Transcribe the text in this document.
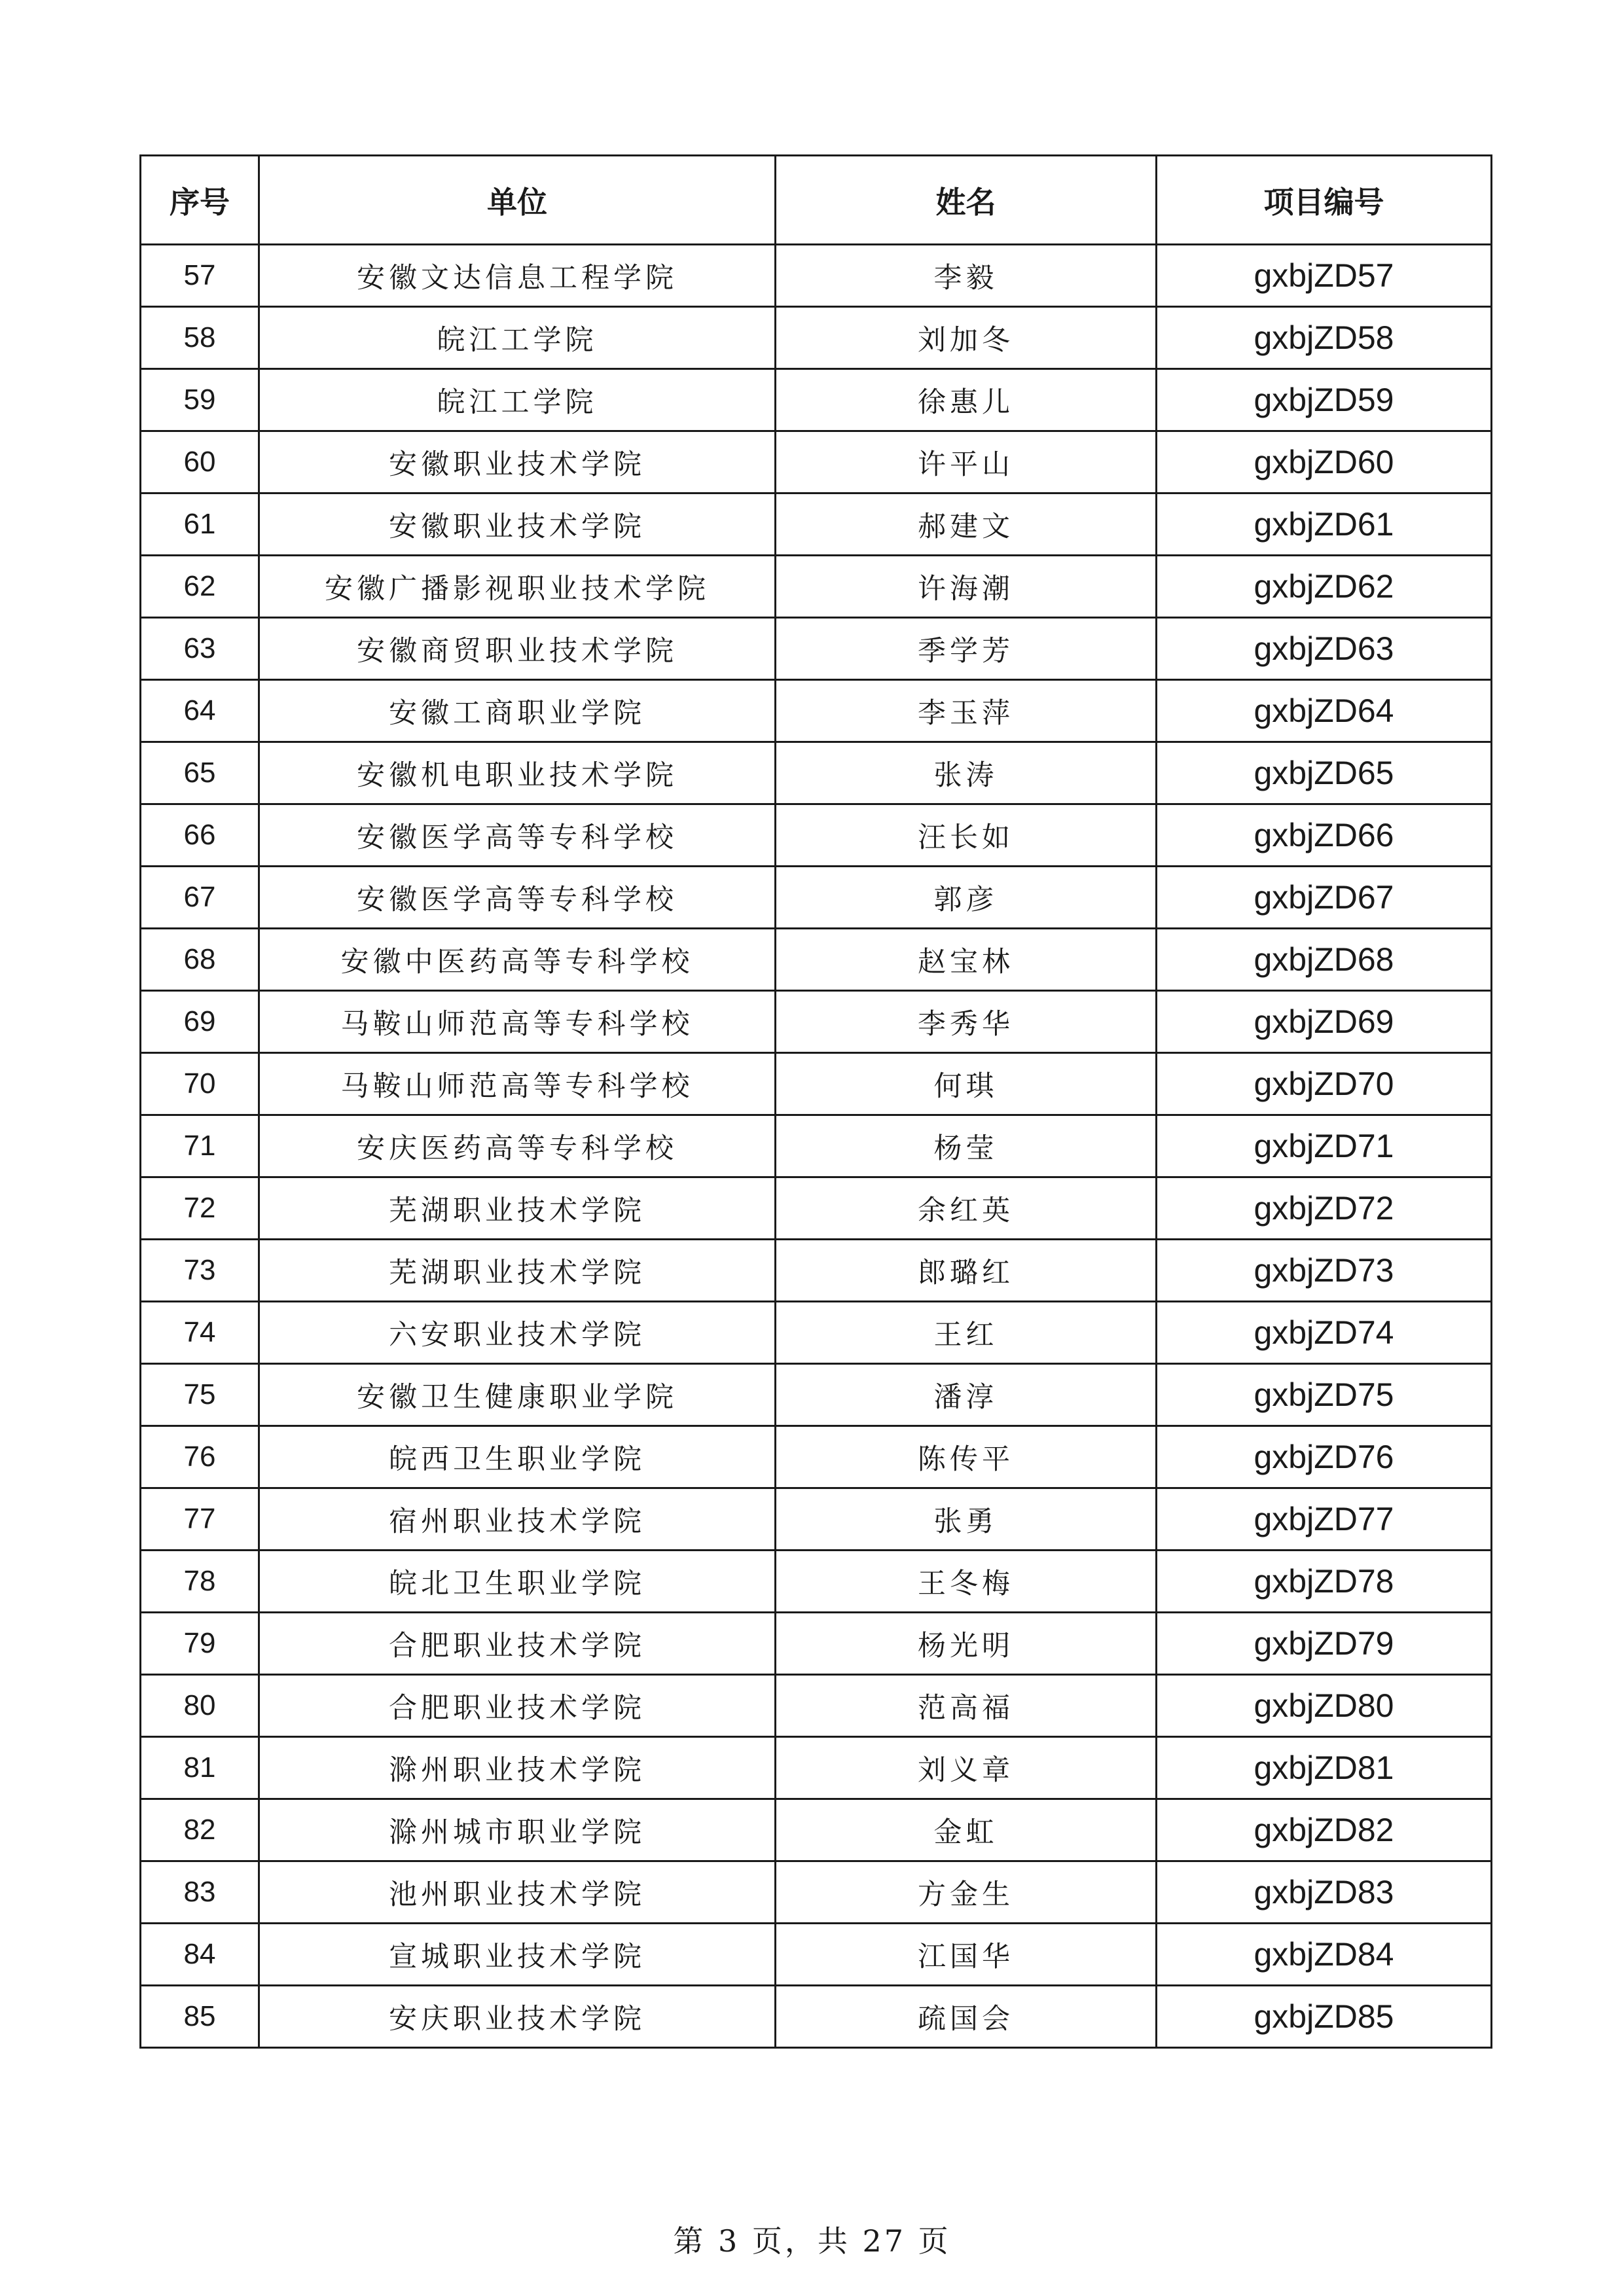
序号	单位	姓名	项目编号
57	安徽文达信息工程学院	李毅	gxbjZD57
58	皖江工学院	刘加冬	gxbjZD58
59	皖江工学院	徐惠儿	gxbjZD59
60	安徽职业技术学院	许平山	gxbjZD60
61	安徽职业技术学院	郝建文	gxbjZD61
62	安徽广播影视职业技术学院	许海潮	gxbjZD62
63	安徽商贸职业技术学院	季学芳	gxbjZD63
64	安徽工商职业学院	李玉萍	gxbjZD64
65	安徽机电职业技术学院	张涛	gxbjZD65
66	安徽医学高等专科学校	汪长如	gxbjZD66
67	安徽医学高等专科学校	郭彦	gxbjZD67
68	安徽中医药高等专科学校	赵宝林	gxbjZD68
69	马鞍山师范高等专科学校	李秀华	gxbjZD69
70	马鞍山师范高等专科学校	何琪	gxbjZD70
71	安庆医药高等专科学校	杨莹	gxbjZD71
72	芜湖职业技术学院	余红英	gxbjZD72
73	芜湖职业技术学院	郎璐红	gxbjZD73
74	六安职业技术学院	王红	gxbjZD74
75	安徽卫生健康职业学院	潘淳	gxbjZD75
76	皖西卫生职业学院	陈传平	gxbjZD76
77	宿州职业技术学院	张勇	gxbjZD77
78	皖北卫生职业学院	王冬梅	gxbjZD78
79	合肥职业技术学院	杨光明	gxbjZD79
80	合肥职业技术学院	范高福	gxbjZD80
81	滁州职业技术学院	刘义章	gxbjZD81
82	滁州城市职业学院	金虹	gxbjZD82
83	池州职业技术学院	方金生	gxbjZD83
84	宣城职业技术学院	江国华	gxbjZD84
85	安庆职业技术学院	疏国会	gxbjZD85
第 3 页，共 27 页
